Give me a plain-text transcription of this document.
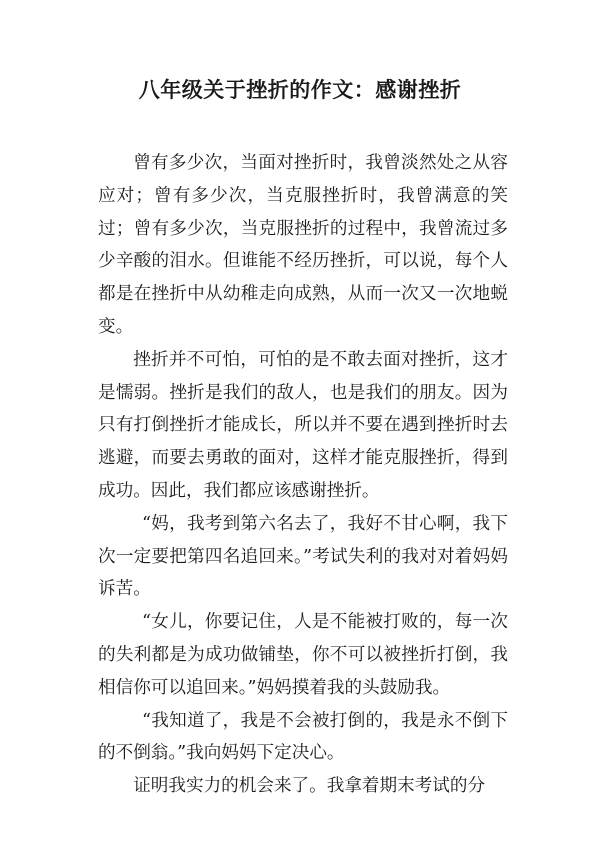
八年级关于挫折的作文：感谢挫折

曾有多少次，当面对挫折时，我曾淡然处之从容应对；曾有多少次，当克服挫折时，我曾满意的笑过；曾有多少次，当克服挫折的过程中，我曾流过多少辛酸的泪水。但谁能不经历挫折，可以说，每个人都是在挫折中从幼稚走向成熟，从而一次又一次地蜕变。

挫折并不可怕，可怕的是不敢去面对挫折，这才是懦弱。挫折是我们的敌人，也是我们的朋友。因为只有打倒挫折才能成长，所以并不要在遇到挫折时去逃避，而要去勇敢的面对，这样才能克服挫折，得到成功。因此，我们都应该感谢挫折。

“妈，我考到第六名去了，我好不甘心啊，我下次一定要把第四名追回来。”考试失利的我对对着妈妈诉苦。

“女儿，你要记住，人是不能被打败的，每一次的失利都是为成功做铺垫，你不可以被挫折打倒，我相信你可以追回来。”妈妈摸着我的头鼓励我。

“我知道了，我是不会被打倒的，我是永不倒下的不倒翁。”我向妈妈下定决心。

证明我实力的机会来了。我拿着期末考试的分
